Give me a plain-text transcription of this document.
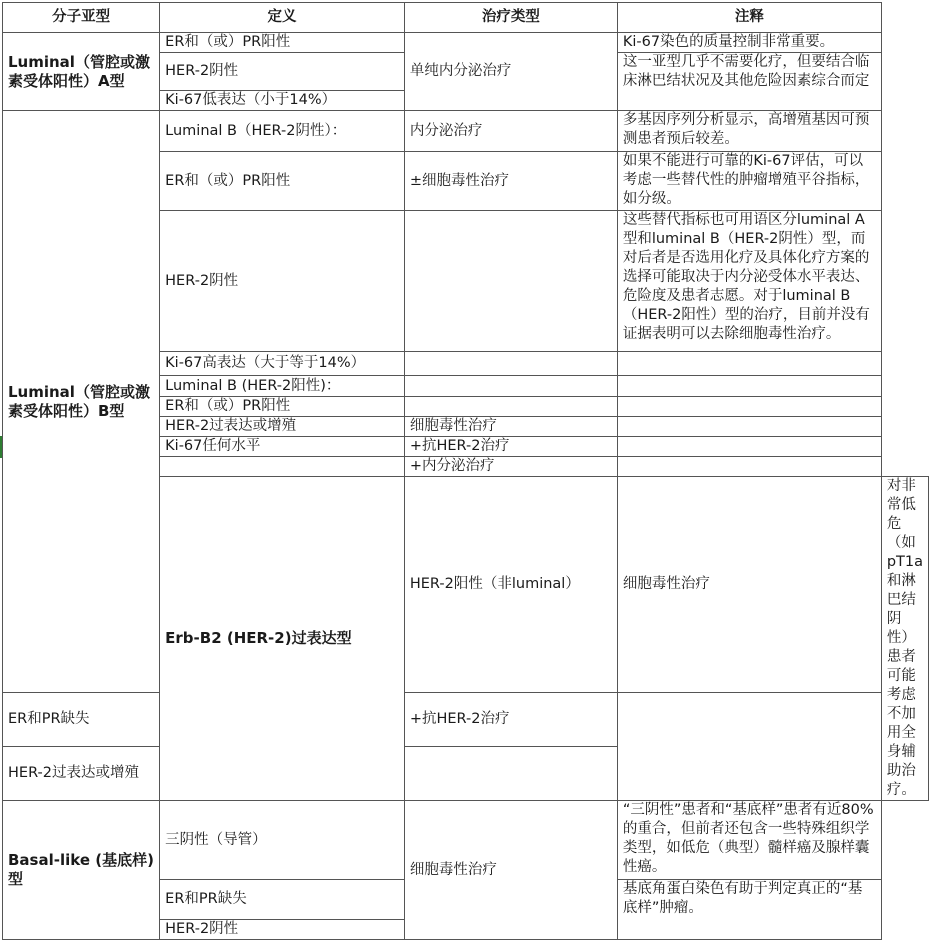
分子亚型	定义	治疗类型	注释	
Luminal（管腔或激素受体阳性）A型	ER和（或）PR阳性	单纯内分泌治疗	Ki-67染色的质量控制非常重要。	
	HER-2阴性		这一亚型几乎不需要化疗，但要结合临床淋巴结状况及其他危险因素综合而定	
	Ki-67低表达（小于14%）			
Luminal（管腔或激素受体阳性）B型	Luminal B（HER-2阴性）：	内分泌治疗	多基因序列分析显示，高增殖基因可预测患者预后较差。	
	ER和（或）PR阳性	±细胞毒性治疗	如果不能进行可靠的Ki-67评估，可以考虑一些替代性的肿瘤增殖平谷指标，如分级。	
	HER-2阴性		这些替代指标也可用语区分luminal A型和luminal B（HER-2阴性）型，而对后者是否选用化疗及具体化疗方案的选择可能取决于内分泌受体水平表达、危险度及患者志愿。对于luminal B（HER-2阳性）型的治疗，目前并没有证据表明可以去除细胞毒性治疗。	
	Ki-67高表达（大于等于14%）			
	Luminal B (HER-2阳性)：			
	ER和（或）PR阳性			
	HER-2过表达或增殖	细胞毒性治疗		
	Ki-67任何水平	+抗HER-2治疗		
		+内分泌治疗		
	Erb-B2 (HER-2)过表达型	HER-2阳性（非luminal）	细胞毒性治疗	对非常低危（如pT1a和淋巴结阴性）患者可能考虑不加用全身辅助治疗。
ER和PR缺失		+抗HER-2治疗		
HER-2过表达或增殖				
Basal-like (基底样)型	三阴性（导管）	细胞毒性治疗	“三阴性”患者和“基底样”患者有近80%的重合，但前者还包含一些特殊组织学类型，如低危（典型）髓样癌及腺样囊性癌。	
	ER和PR缺失		基底角蛋白染色有助于判定真正的“基底样”肿瘤。	
	HER-2阴性			
